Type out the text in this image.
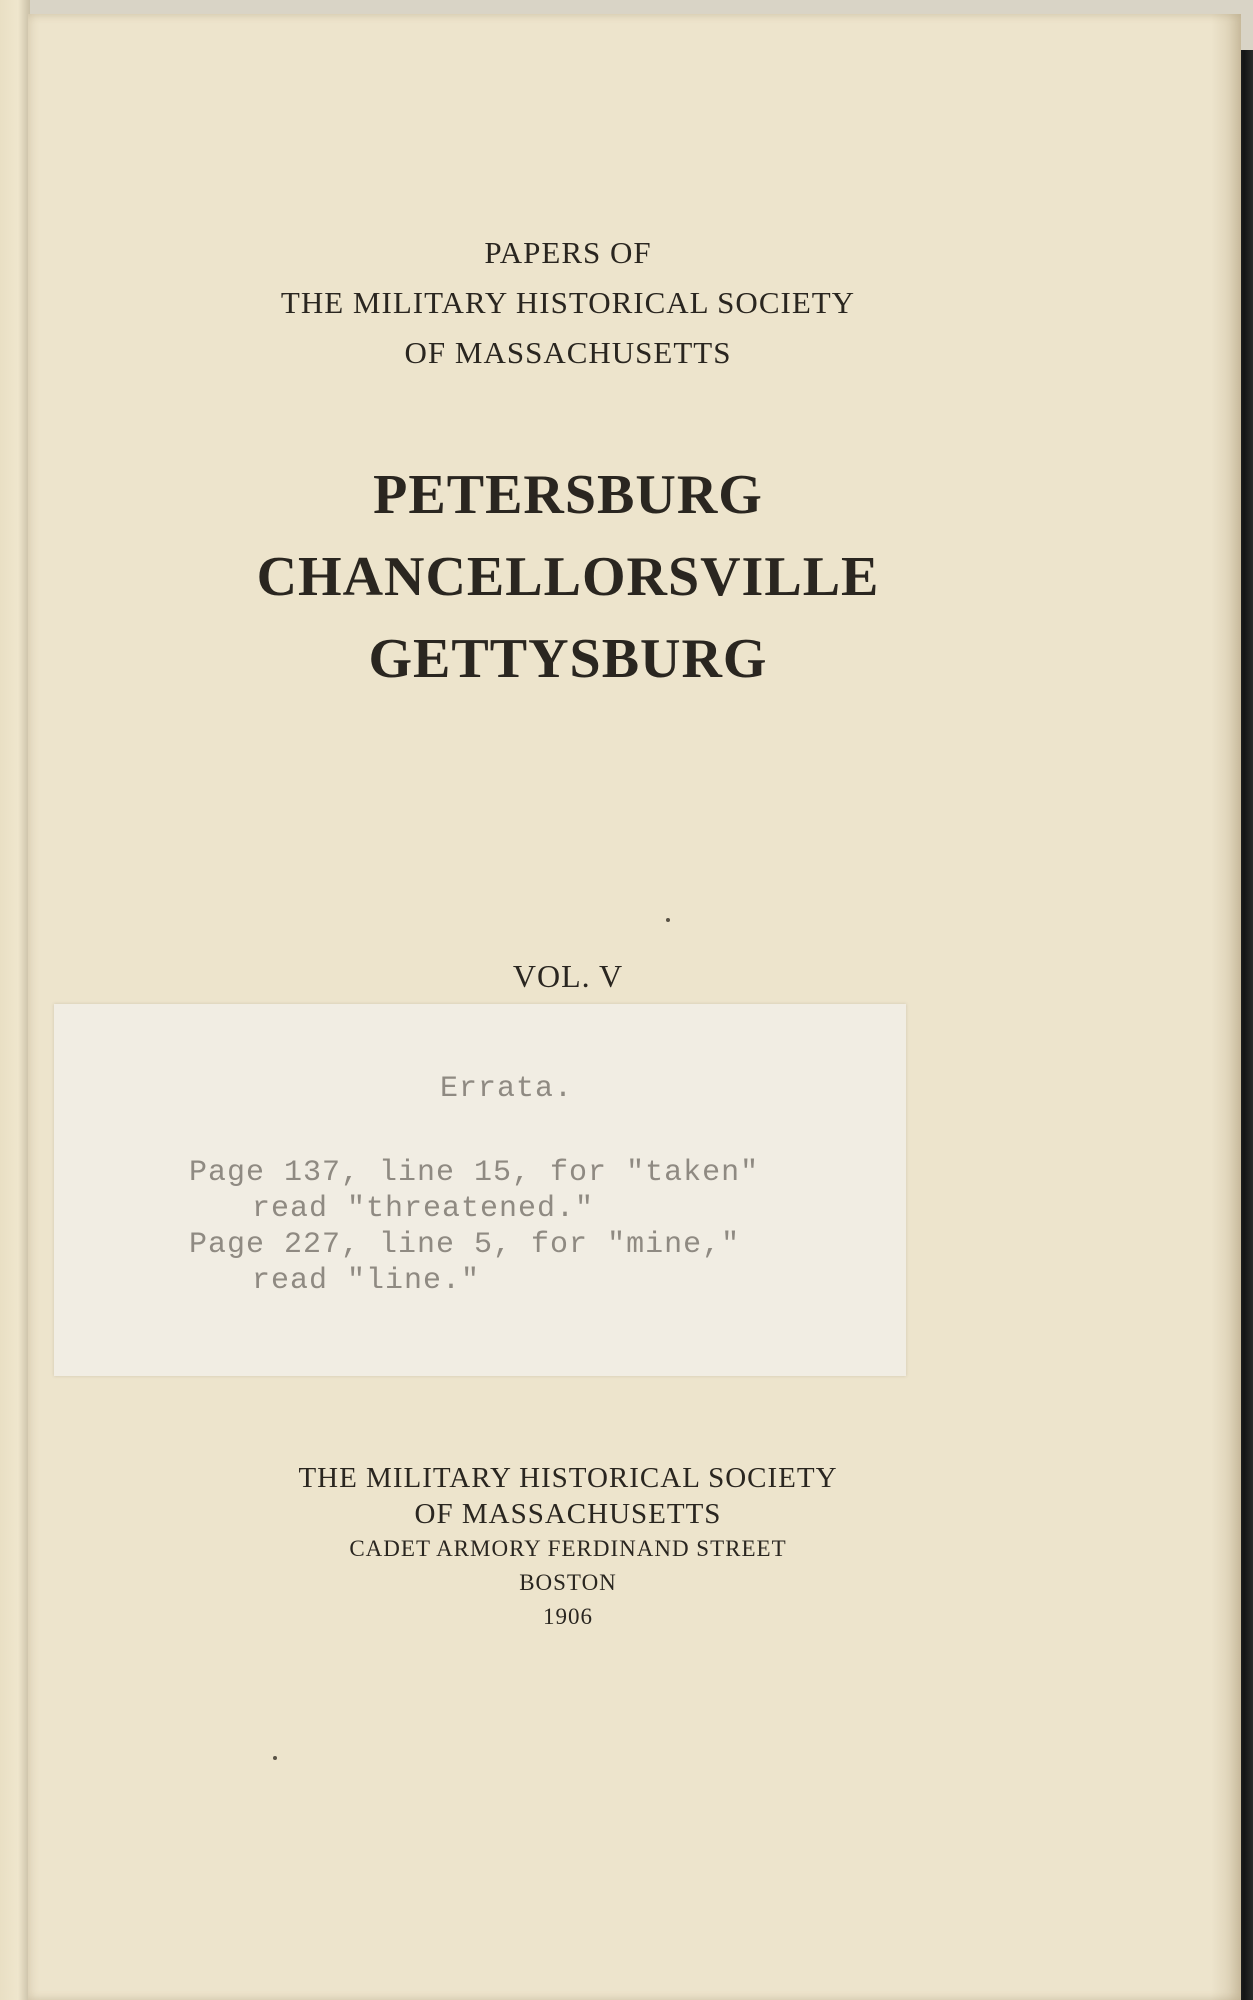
PAPERS OF
THE MILITARY HISTORICAL SOCIETY
OF MASSACHUSETTS
PETERSBURG
CHANCELLORSVILLE
GETTYSBURG
VOL. V
Errata.
Page 137, line 15, for "taken"
read "threatened."
Page 227, line 5, for "mine,"
read "line."
THE MILITARY HISTORICAL SOCIETY
OF MASSACHUSETTS
CADET ARMORY FERDINAND STREET
BOSTON
1906
